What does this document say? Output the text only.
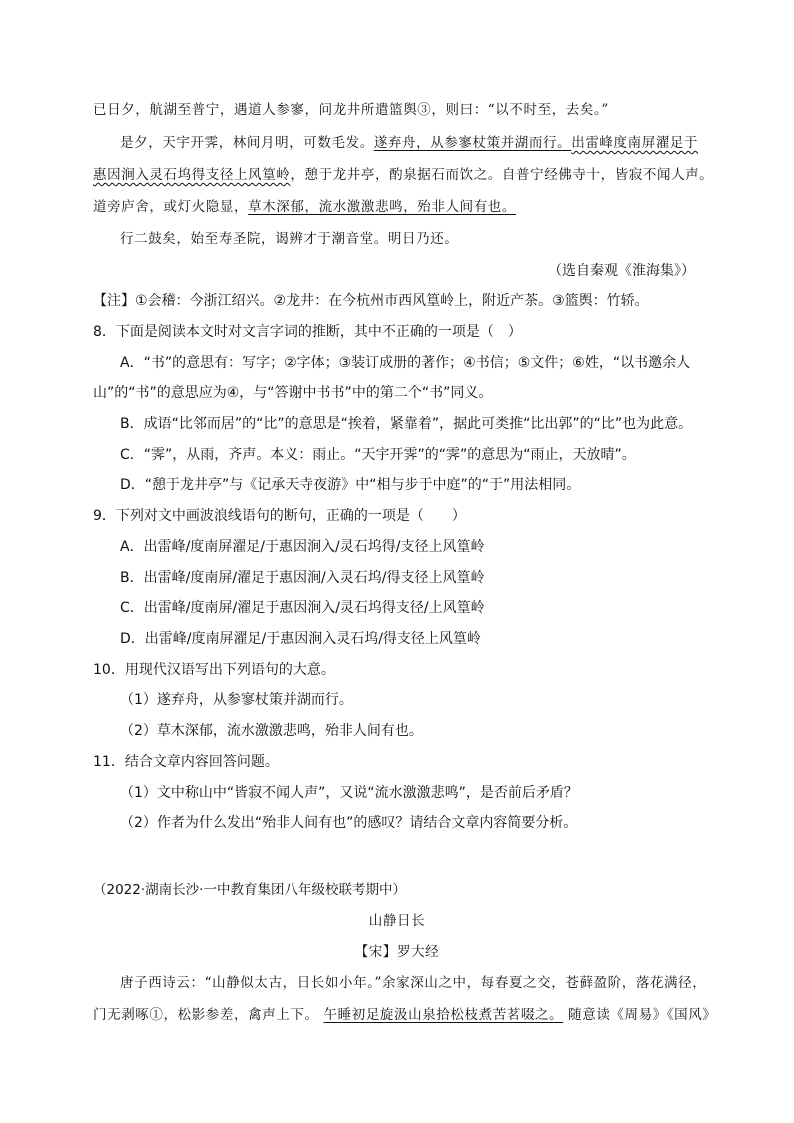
已日夕，航湖至普宁，遇道人参寥，问龙井所遣篮舆③，则曰：“以不时至，去矣。”
是夕，天宇开霁，林间月明，可数毛发。遂弃舟，从参寥杖策并湖而行。出雷峰度南屏濯足于
惠因涧入灵石坞得支径上风篁岭，憩于龙井亭，酌泉据石而饮之。自普宁经佛寺十，皆寂不闻人声。
道旁庐舍，或灯火隐显，草木深郁，流水激激悲鸣，殆非人间有也。
行二鼓矣，始至寿圣院，谒辨才于潮音堂。明日乃还。
（选自秦观《淮海集》）
【注】①会稽：今浙江绍兴。②龙井：在今杭州市西风篁岭上，附近产茶。③篮舆：竹轿。
8．下面是阅读本文时对文言字词的推断，其中不正确的一项是（　）
A．“书”的意思有：写字；②字体；③装订成册的著作；④书信；⑤文件；⑥姓，“以书邀余人
山”的“书”的意思应为④，与“答谢中书书”中的第二个“书”同义。
B．成语“比邻而居”的“比”的意思是“挨着，紧靠着”，据此可类推“比出郭”的“比”也为此意。
C．“霁”，从雨，齐声。本义：雨止。“天宇开霁”的“霁”的意思为“雨止，天放晴”。
D．“憩于龙井亭”与《记承天寺夜游》中“相与步于中庭”的“于”用法相同。
9．下列对文中画波浪线语句的断句，正确的一项是（　　）
A．出雷峰/度南屏濯足/于惠因涧入/灵石坞得/支径上风篁岭
B．出雷峰/度南屏/濯足于惠因涧/入灵石坞/得支径上风篁岭
C．出雷峰/度南屏/濯足于惠因涧入/灵石坞得支径/上风篁岭
D．出雷峰/度南屏濯足/于惠因涧入灵石坞/得支径上风篁岭
10．用现代汉语写出下列语句的大意。
（1）遂弃舟，从参寥杖策并湖而行。
（2）草木深郁，流水激激悲鸣，殆非人间有也。
11．结合文章内容回答问题。
（1）文中称山中“皆寂不闻人声”，又说“流水激激悲鸣”，是否前后矛盾？
（2）作者为什么发出“殆非人间有也”的感叹？请结合文章内容简要分析。
（2022·湖南长沙·一中教育集团八年级校联考期中）
山静日长
【宋】罗大经
唐子西诗云：“山静似太古，日长如小年。”余家深山之中，每春夏之交，苍藓盈阶，落花满径，
门无剥啄①，松影参差，禽声上下。 午睡初足旋汲山泉拾松枝煮苦茗啜之。 随意读《周易》《国风》
